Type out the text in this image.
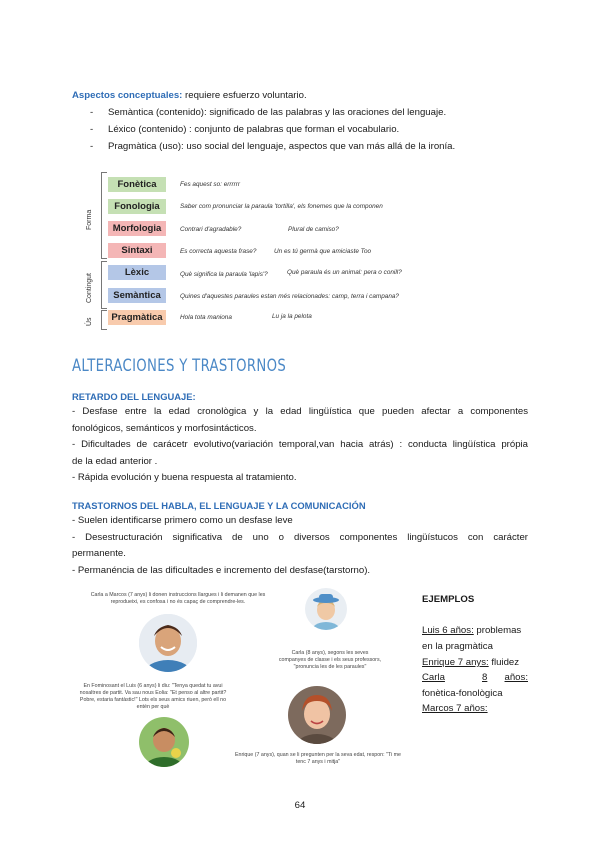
Aspectos conceptuales: requiere esfuerzo voluntario.
- Semàntica (contenido): significado de las palabras y las oraciones del lenguaje.
- Léxico (contenido) : conjunto de palabras que forman el vocabulario.
- Pragmàtica (uso): uso social del lenguaje, aspectos que van más allá de la ironía.
Forma
Contingut
Ús
Fonètica	Fes aquest so: errrrrr
Fonologia	Saber com pronunciar la paraula 'tortilla', els fonemes que la componen
Morfologia	Contrari d'agradable?	Plural de camiso?
Sintaxi	Es correcta aquesta frase?	Un es tú germà que amiciaste Too
Lèxic	Què significa la paraula 'lapis'?	Què paraula és un animal: pera o conill?
Semàntica	Quines d'aquestes paraules estan més relacionades: camp, terra i campana?
Pragmàtica	Hola tota maniona	Lu ja la pelota
ALTERACIONES Y TRASTORNOS
RETARDO DEL LENGUAJE:
- Desfase entre la edad cronològica y la edad lingüística que pueden afectar a componentes
fonológicos, semánticos y morfosintácticos.
- Dificultades de carácetr evolutivo(variación temporal,van hacia atrás) : conducta lingüística própia
de la edad anterior .
- Rápida evolución y buena respuesta al tratamiento.
TRASTORNOS DEL HABLA, EL LENGUAJE Y LA COMUNICACIÓN
- Suelen identificarse primero como un desfase leve
- Desestructuración significativa de uno o diversos componentes lingüístucos con carácter
permanente.
- Permanéncia de las dificultades e incremento del desfase(tarstorno).
Carla a Marcos (7 anys) li donen instruccions llargues i li demanen que les reprodueixi, es confosa i no és capaç de comprendre-les.
Carla (8 anys), segons les seves companyes de classe i els seus professors, "pronuncia les de les paraules"
En Fominosant el Luis (6 anys) li diu: "Tenya quedat tu avui nosaltres de partit. Va sau nous Eolia: "Et penso al altre partit? Pobre, estaria fantàstic!" Lots els seus amics riuen, però ell no entén per què
Enrique (7 anys), quan se li pregunten per la seva edat, respon: "Ti me tenc 7 anys i mitja"
EJEMPLOS
Luis 6 años: problemas
en la pragmàtica
Enrique 7 anys: fluidez
Carla	8 años:
fonètica-fonològica
Marcos 7 años:
64
